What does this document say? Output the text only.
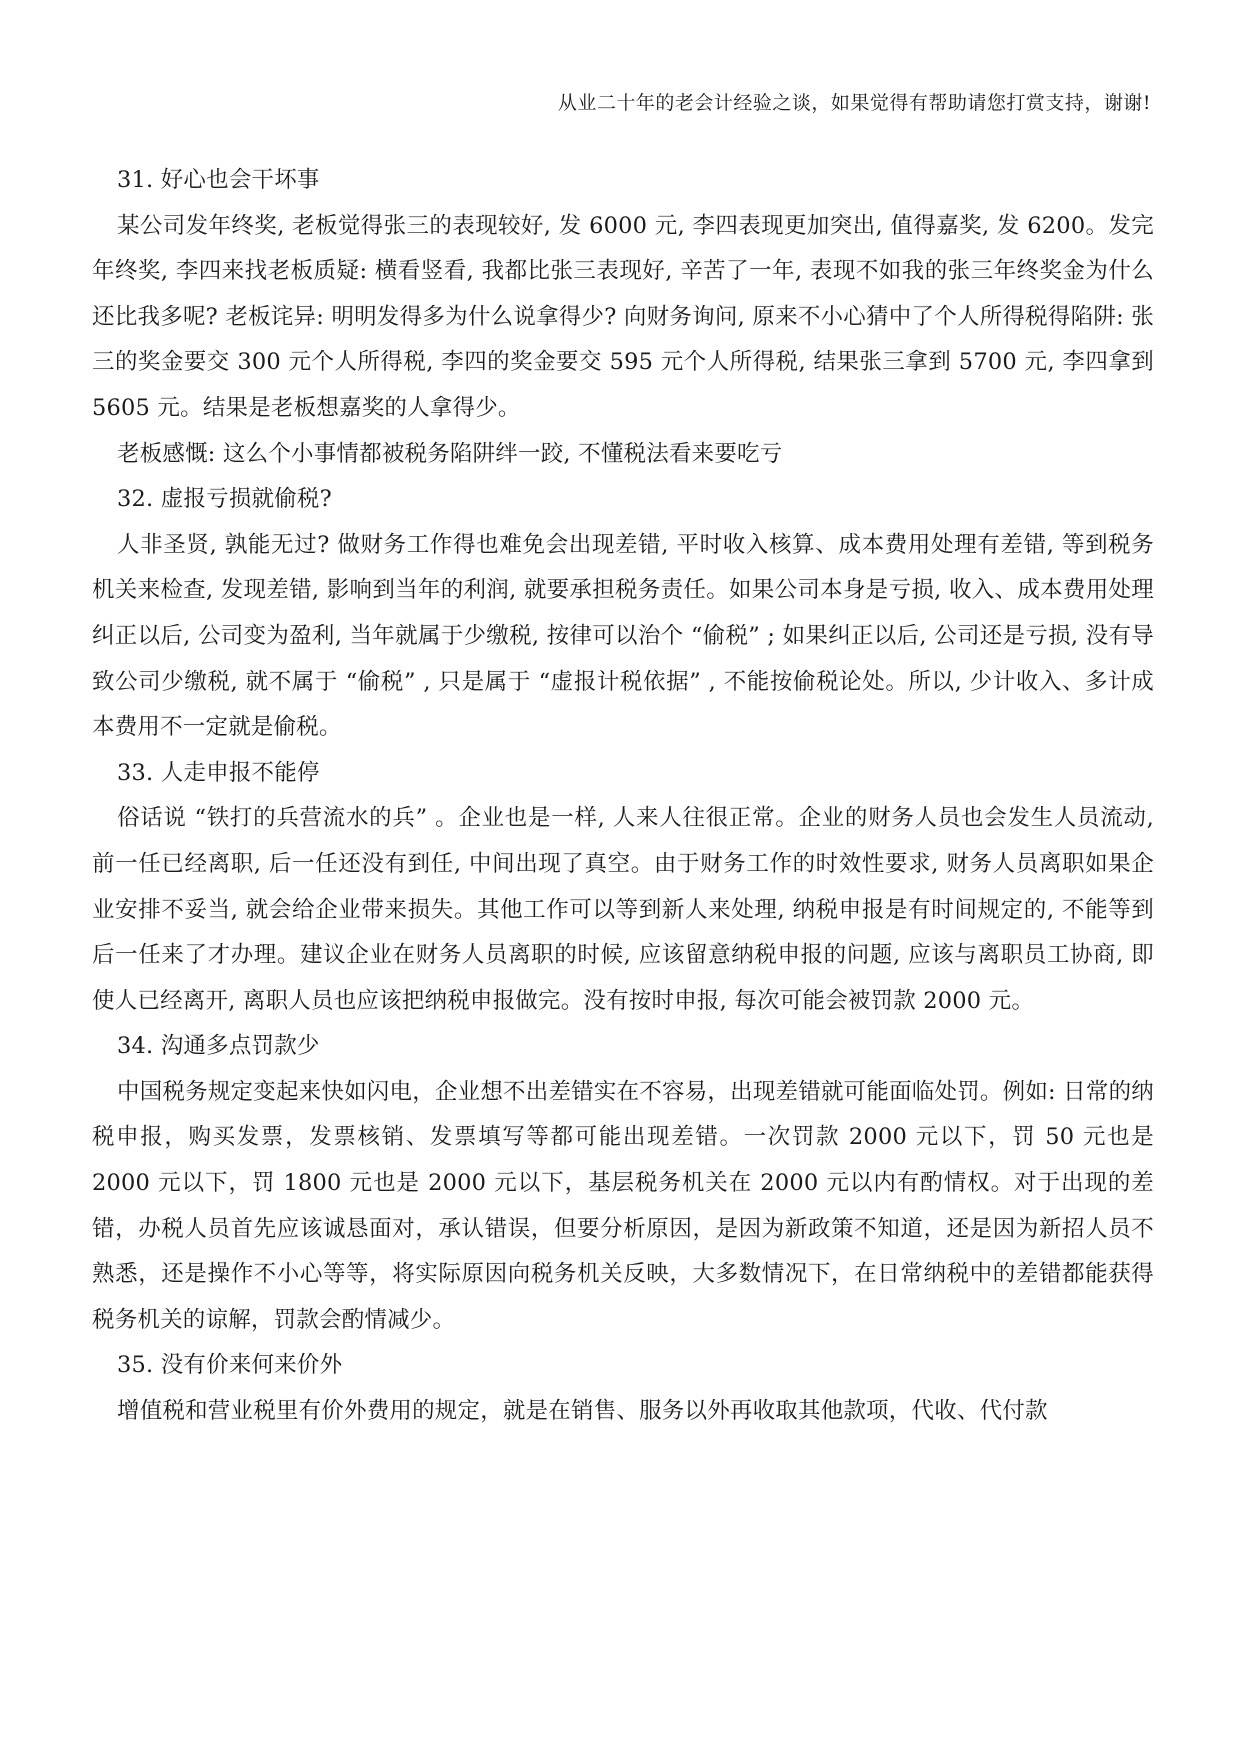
从业二十年的老会计经验之谈，如果觉得有帮助请您打赏支持，谢谢!
31. 好心也会干坏事

某公司发年终奖, 老板觉得张三的表现较好, 发 6000 元, 李四表现更加突出, 值得嘉奖, 发 6200。发完年终奖, 李四来找老板质疑: 横看竖看, 我都比张三表现好, 辛苦了一年, 表现不如我的张三年终奖金为什么还比我多呢? 老板诧异: 明明发得多为什么说拿得少? 向财务询问, 原来不小心猜中了个人所得税得陷阱: 张三的奖金要交 300 元个人所得税, 李四的奖金要交 595 元个人所得税, 结果张三拿到 5700 元, 李四拿到 5605 元。结果是老板想嘉奖的人拿得少。

老板感慨: 这么个小事情都被税务陷阱绊一跤, 不懂税法看来要吃亏

32. 虚报亏损就偷税?

人非圣贤, 孰能无过? 做财务工作得也难免会出现差错, 平时收入核算、成本费用处理有差错, 等到税务机关来检查, 发现差错, 影响到当年的利润, 就要承担税务责任。如果公司本身是亏损, 收入、成本费用处理纠正以后, 公司变为盈利, 当年就属于少缴税, 按律可以治个 “偷税” ; 如果纠正以后, 公司还是亏损, 没有导致公司少缴税, 就不属于 “偷税” , 只是属于 “虚报计税依据” , 不能按偷税论处。所以, 少计收入、多计成本费用不一定就是偷税。

33. 人走申报不能停

俗话说 “铁打的兵营流水的兵” 。企业也是一样, 人来人往很正常。企业的财务人员也会发生人员流动, 前一任已经离职, 后一任还没有到任, 中间出现了真空。由于财务工作的时效性要求, 财务人员离职如果企业安排不妥当, 就会给企业带来损失。其他工作可以等到新人来处理, 纳税申报是有时间规定的, 不能等到后一任来了才办理。建议企业在财务人员离职的时候, 应该留意纳税申报的问题, 应该与离职员工协商, 即使人已经离开, 离职人员也应该把纳税申报做完。没有按时申报, 每次可能会被罚款 2000 元。

34. 沟通多点罚款少

中国税务规定变起来快如闪电，企业想不出差错实在不容易，出现差错就可能面临处罚。例如: 日常的纳税申报，购买发票，发票核销、发票填写等都可能出现差错。一次罚款 2000 元以下，罚 50 元也是 2000 元以下，罚 1800 元也是 2000 元以下，基层税务机关在 2000 元以内有酌情权。对于出现的差错，办税人员首先应该诚恳面对，承认错误，但要分析原因，是因为新政策不知道，还是因为新招人员不熟悉，还是操作不小心等等，将实际原因向税务机关反映，大多数情况下，在日常纳税中的差错都能获得税务机关的谅解，罚款会酌情减少。

35. 没有价来何来价外

增值税和营业税里有价外费用的规定，就是在销售、服务以外再收取其他款项，代收、代付款
